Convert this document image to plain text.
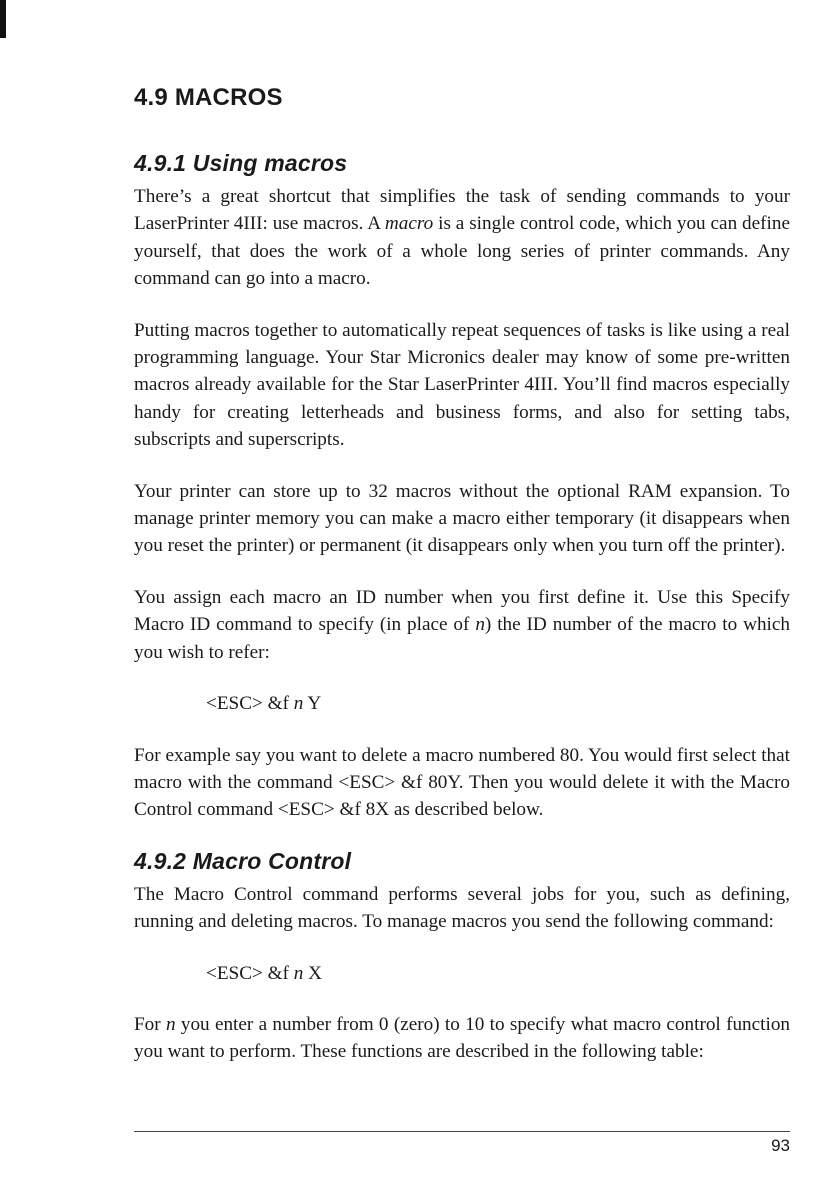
4.9 MACROS
4.9.1 Using macros

There’s a great shortcut that simplifies the task of sending commands to your LaserPrinter 4III: use macros. A macro is a single control code, which you can define yourself, that does the work of a whole long series of printer commands. Any command can go into a macro.

Putting macros together to automatically repeat sequences of tasks is like using a real programming language. Your Star Micronics dealer may know of some pre-written macros already available for the Star LaserPrinter 4III. You’ll find macros especially handy for creating letterheads and business forms, and also for setting tabs, subscripts and superscripts.

Your printer can store up to 32 macros without the optional RAM expansion. To manage printer memory you can make a macro either temporary (it disappears when you reset the printer) or permanent (it disappears only when you turn off the printer).

You assign each macro an ID number when you first define it. Use this Specify Macro ID command to specify (in place of n) the ID number of the macro to which you wish to refer:

<ESC> &f n Y

For example say you want to delete a macro numbered 80. You would first select that macro with the command <ESC> &f 80Y. Then you would delete it with the Macro Control command <ESC> &f 8X as described below.

4.9.2 Macro Control

The Macro Control command performs several jobs for you, such as defining, running and deleting macros. To manage macros you send the following command:

<ESC> &f n X

For n you enter a number from 0 (zero) to 10 to specify what macro control function you want to perform. These functions are described in the following table:

93
